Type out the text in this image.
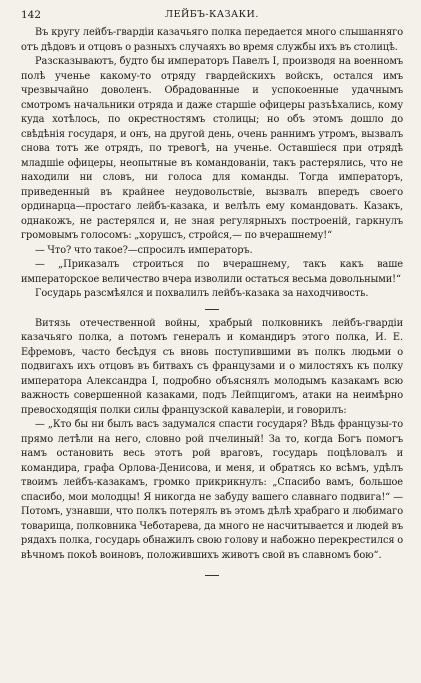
142	ЛЕЙБЪ-КАЗАКИ.

Въ кругу лейбъ-гвардiи казачьяго полка передается много слышанняго отъ дѣдовъ и отцовъ о разныхъ случаяхъ во время службы ихъ въ столицѣ.

Разсказываютъ, будто бы императоръ Павелъ I, производя на военномъ полѣ ученье какому-то отряду гвардейскихъ войскъ, остался имъ чрезвычайно доволенъ. Обрадованные и успокоенные удачнымъ смотромъ начальники отряда и даже старшiе офицеры разъѣхались, кому куда хотѣлось, по окрестностямъ столицы; но объ этомъ дошло до свѣдѣнiя государя, и онъ, на другой день, очень раннимъ утромъ, вызвалъ снова тотъ же отрядъ, по тревогѣ, на ученье. Оставшiеся при отрядѣ младшiе офицеры, неопытные въ командованiи, такъ растерялись, что не находили ни словъ, ни голоса для команды. Тогда императоръ, приведенный въ крайнее неудовольствiе, вызвалъ впередъ своего ординарца—простаго лейбъ-казака, и велѣлъ ему командовать. Казакъ, однакожъ, не растерялся и, не зная регулярныхъ построенiй, гаркнулъ громовымъ голосомъ: „хорушсъ, стройся,— по вчерашнему!“

— Что? что такое?—спросилъ императоръ.

— „Приказалъ строиться по вчерашнему, такъ какъ ваше императорское величество вчера изволили остаться весьма довольными!“

Государь разсмѣялся и похвалилъ лейбъ-казака за находчивость.

Витязь отечественной войны, храбрый полковникъ лейбъ-гвардiи казачьяго полка, а потомъ генералъ и командиръ этого полка, И. Е. Ефремовъ, часто бесѣдуя съ вновь поступившими въ полкъ людьми о подвигахъ ихъ отцовъ въ битвахъ съ французами и о милостяхъ къ полку императора Александра I, подробно объяснялъ молодымъ казакамъ всю важность совершенной казаками, подъ Лейпцигомъ, атаки на неимѣрно превосходящiя полки силы французской кавалерiи, и говорилъ:

— „Кто бы ни былъ васъ задумался спасти государя? Вѣдь французы-то прямо летѣли на него, словно рой пчелиный! За то, когда Богъ помогъ намъ остановить весь этотъ рой враговъ, государь поцѣловалъ и командира, графа Орлова-Денисова, и меня, и обратясь ко всѣмъ, удѣлъ твоимъ лейбъ-казакамъ, громко прикрикнулъ: „Спасибо вамъ, большое спасибо, мои молодцы! Я никогда не забуду вашего славнаго подвига!“ — Потомъ, узнавши, что полкъ потерялъ въ этомъ дѣлѣ храбраго и любимаго товарища, полковника Чеботарева, да много не насчитывается и людей въ рядахъ полка, государь обнажилъ свою голову и набожно перекрестился о вѣчномъ покоѣ воиновъ, положившихъ животъ свой въ славномъ бою“.
